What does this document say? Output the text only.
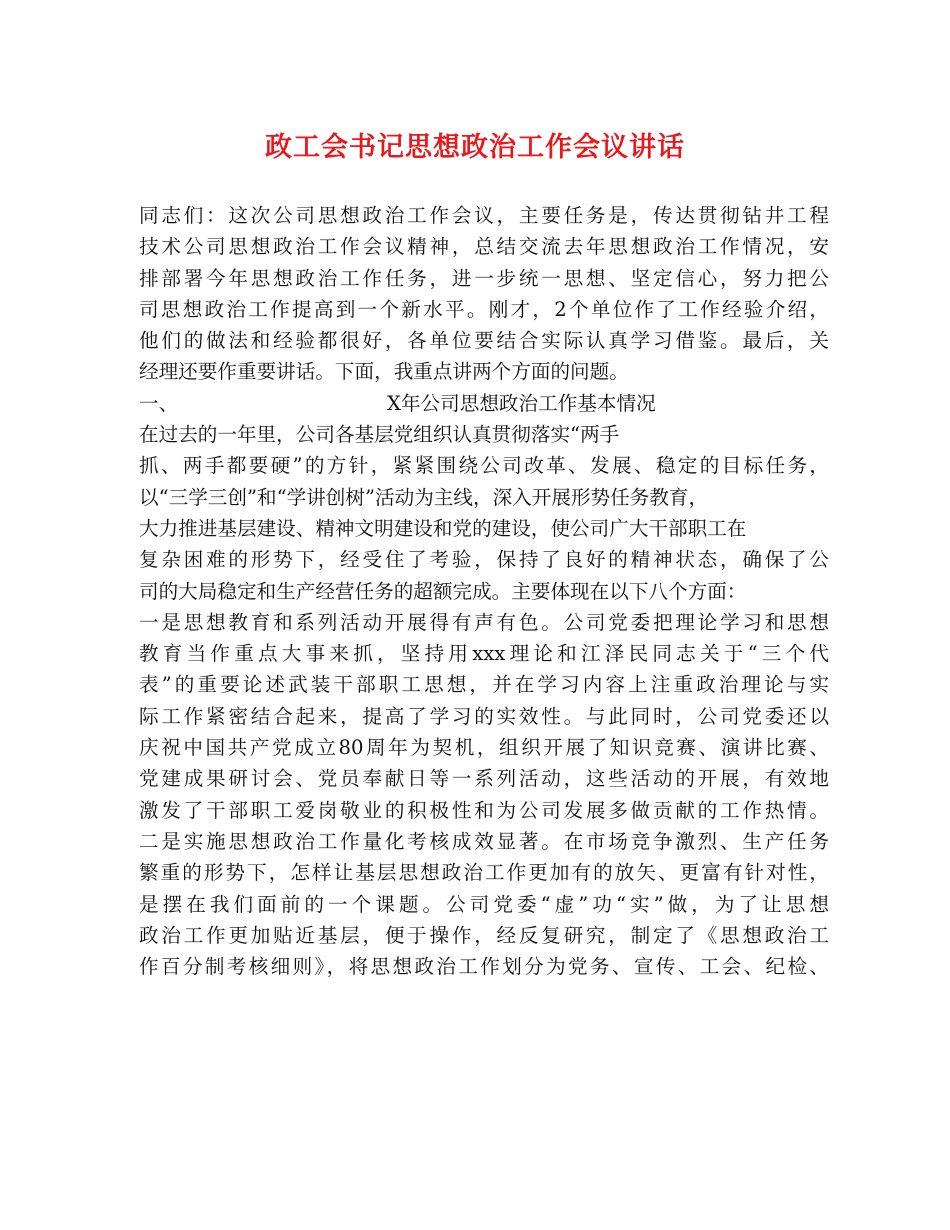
政工会书记思想政治工作会议讲话
同志们：这次公司思想政治工作会议，主要任务是，传达贯彻钻井工程
技术公司思想政治工作会议精神，总结交流去年思想政治工作情况，安
排部署今年思想政治工作任务，进一步统一思想、坚定信心，努力把公
司思想政治工作提高到一个新水平。刚才，2个单位作了工作经验介绍，
他们的做法和经验都很好，各单位要结合实际认真学习借鉴。最后，关
经理还要作重要讲话。下面，我重点讲两个方面的问题。
一、	X年公司思想政治工作基本情况
在过去的一年里，公司各基层党组织认真贯彻落实“两手
抓、两手都要硬”的方针，紧紧围绕公司改革、发展、稳定的目标任务，
以“三学三创”和“学讲创树”活动为主线，深入开展形势任务教育，
大力推进基层建设、精神文明建设和党的建设，使公司广大干部职工在
复杂困难的形势下，经受住了考验，保持了良好的精神状态，确保了公
司的大局稳定和生产经营任务的超额完成。主要体现在以下八个方面：
一是思想教育和系列活动开展得有声有色。公司党委把理论学习和思想
教育当作重点大事来抓，坚持用xxx理论和江泽民同志关于“三个代
表”的重要论述武装干部职工思想，并在学习内容上注重政治理论与实
际工作紧密结合起来，提高了学习的实效性。与此同时，公司党委还以
庆祝中国共产党成立80周年为契机，组织开展了知识竞赛、演讲比赛、
党建成果研讨会、党员奉献日等一系列活动，这些活动的开展，有效地
激发了干部职工爱岗敬业的积极性和为公司发展多做贡献的工作热情。
二是实施思想政治工作量化考核成效显著。在市场竞争激烈、生产任务
繁重的形势下，怎样让基层思想政治工作更加有的放矢、更富有针对性，
是摆在我们面前的一个课题。公司党委“虚”功“实”做，为了让思想
政治工作更加贴近基层，便于操作，经反复研究，制定了《思想政治工
作百分制考核细则》，将思想政治工作划分为党务、宣传、工会、纪检、
